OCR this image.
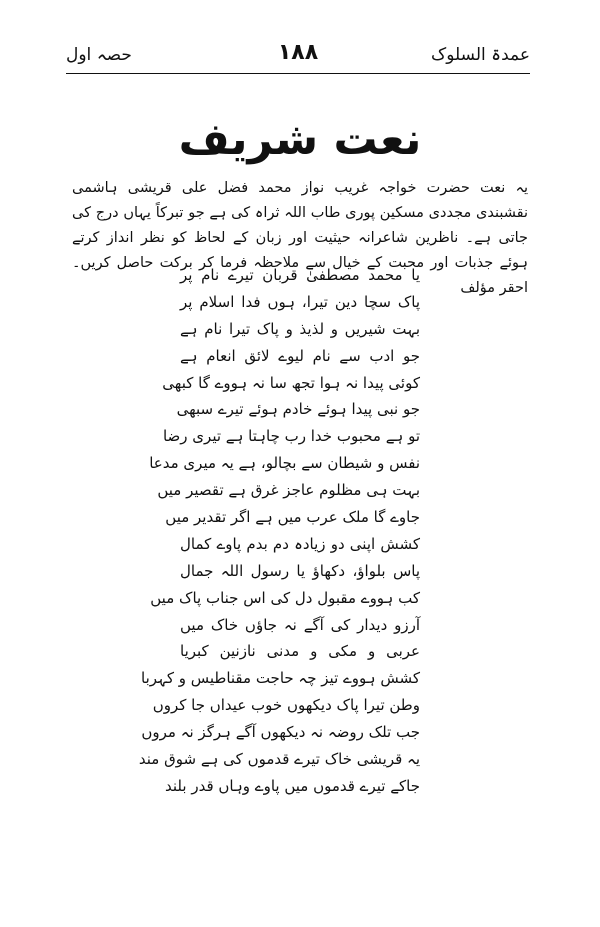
عمدۃ السلوک
۱۸۸
حصہ اول
نعت شریف
یہ نعت حضرت خواجہ غریب نواز محمد فضل علی قریشی ہاشمی نقشبندی مجددی مسکین پوری طاب اللہ ثراہ کی ہے جو تبرکاً یہاں درج کی جاتی ہے۔ ناظرین شاعرانہ حیثیت اور زبان کے لحاظ کو نظر انداز کرتے ہوئے جذبات اور محبت کے خیال سے ملاحظہ فرما کر برکت حاصل کریں۔ احقر مؤلف
یا محمد مصطفیٰ قربان تیرے نام پر
پاک سچا دین تیرا، ہوں فدا اسلام پر
بہت شیریں و لذیذ و پاک تیرا نام ہے
جو ادب سے نام لیوے لائق انعام ہے
کوئی پیدا نہ ہوا تجھ سا نہ ہووے گا کبھی
جو نبی پیدا ہوئے خادم ہوئے تیرے سبھی
تو ہے محبوب خدا رب چاہتا ہے تیری رضا
نفس و شیطان سے بچالو، ہے یہ میری مدعا
بہت ہی مظلوم عاجز غرق ہے تقصیر میں
جاوے گا ملک عرب میں ہے اگر تقدیر میں
کشش اپنی دو زیادہ دم بدم پاوے کمال
پاس بلواؤ، دکھاؤ یا رسول اللہ جمال
کب ہووے مقبول دل کی اس جناب پاک میں
آرزو دیدار کی آگے نہ جاؤں خاک میں
عربی و مکی و مدنی نازنین کبریا
کشش ہووے تیز چہ حاجت مقناطیس و کہربا
وطن تیرا پاک دیکھوں خوب عیداں جا کروں
جب تلک روضہ نہ دیکھوں آگے ہرگز نہ مروں
یہ قریشی خاک تیرے قدموں کی ہے شوق مند
جاکے تیرے قدموں میں پاوے وہاں قدر بلند
